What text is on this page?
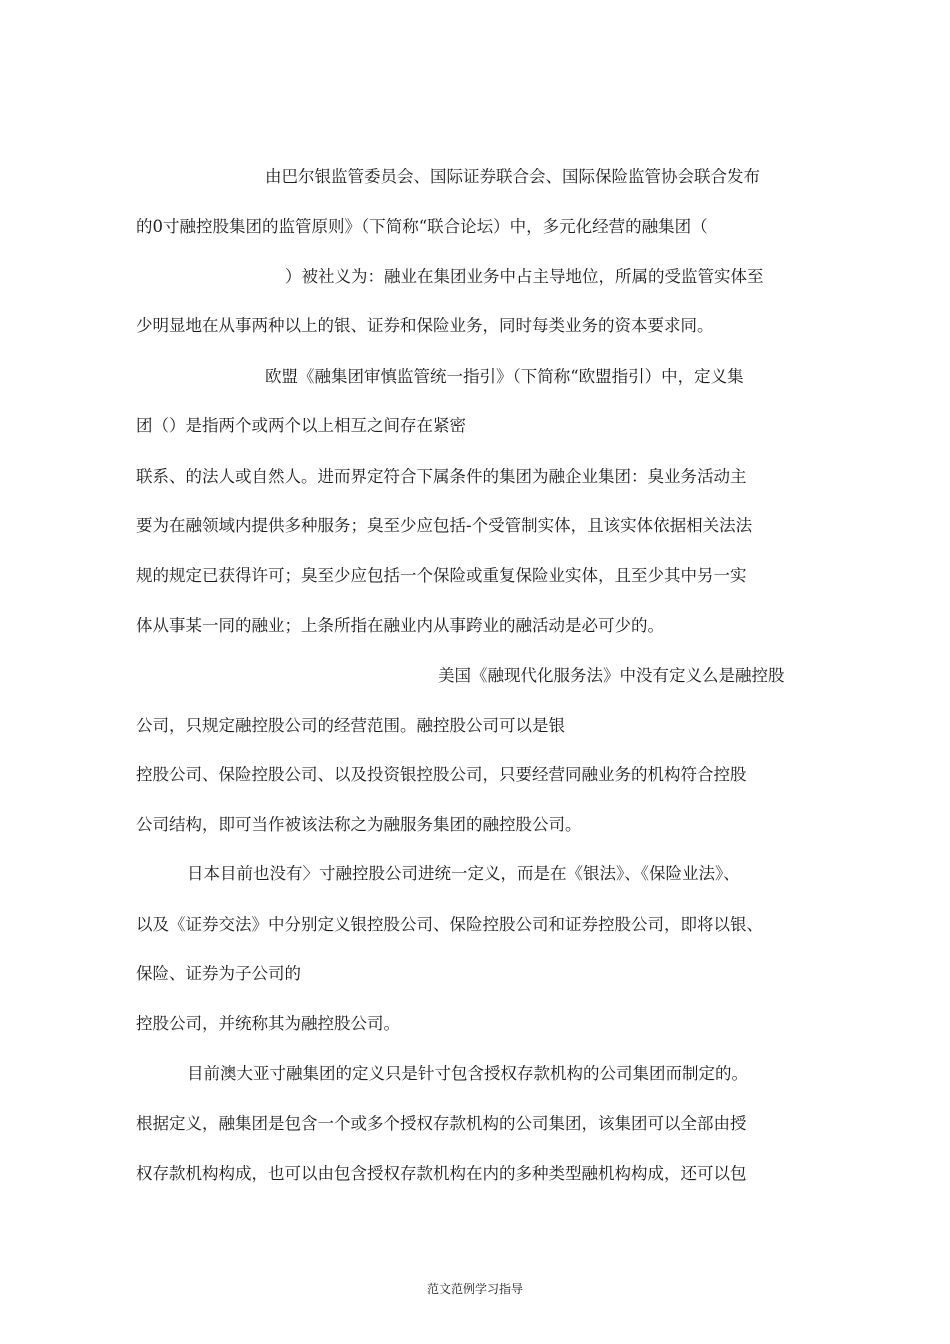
由巴尔银监管委员会、国际证券联合会、国际保险监管协会联合发布
的0寸融控股集团的监管原则》（下简称“联合论坛）中，多元化经营的融集团（
）被社义为：融业在集团业务中占主导地位，所属的受监管实体至
少明显地在从事两种以上的银、证券和保险业务，同时每类业务的资本要求同。
欧盟《融集团审慎监管统一指引》（下简称“欧盟指引）中，定义集
团（）是指两个或两个以上相互之间存在紧密
联系、的法人或自然人。进而界定符合下属条件的集团为融企业集团：臭业务活动主
要为在融领域内提供多种服务；臭至少应包括-个受管制实体，且该实体依据相关法法
规的规定已获得许可；臭至少应包括一个保险或重复保险业实体，且至少其中另一实
体从事某一同的融业；上条所指在融业内从事跨业的融活动是必可少的。
美国《融现代化服务法》中没有定义么是融控股
公司，只规定融控股公司的经营范围。融控股公司可以是银
控股公司、保险控股公司、以及投资银控股公司，只要经营同融业务的机构符合控股
公司结构，即可当作被该法称之为融服务集团的融控股公司。
日本目前也没有〉寸融控股公司进统一定义，而是在《银法》、《保险业法》、
以及《证券交法》中分别定义银控股公司、保险控股公司和证券控股公司，即将以银、
保险、证券为子公司的
控股公司，并统称其为融控股公司。
目前澳大亚寸融集团的定义只是针寸包含授权存款机构的公司集团而制定的。
根据定义，融集团是包含一个或多个授权存款机构的公司集团，该集团可以全部由授
权存款机构构成，也可以由包含授权存款机构在内的多种类型融机构构成，还可以包
范文范例学习指导
